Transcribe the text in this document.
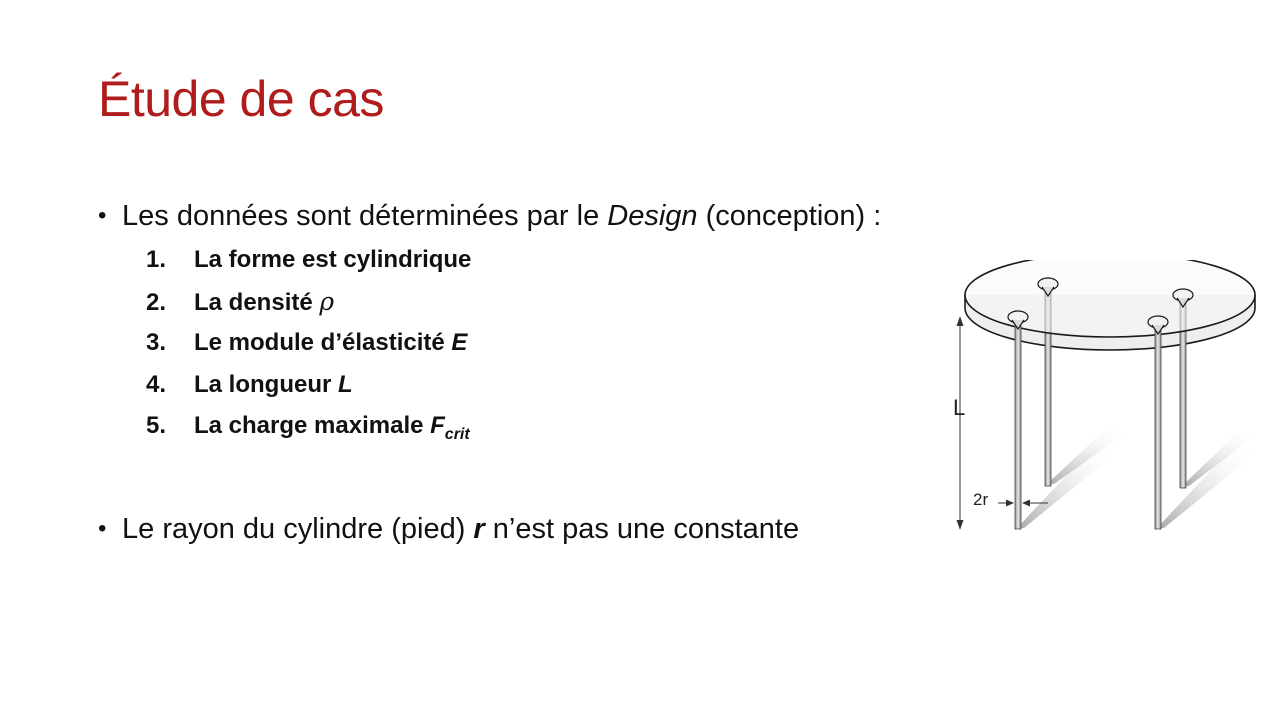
Étude de cas
• Les données sont déterminées par le Design (conception) :
1. La forme est cylindrique
2. La densité ρ
3. Le module d’élasticité E
4. La longueur L
5. La charge maximale $F_{crit}$
• Le rayon du cylindre (pied) r n’est pas une constante
L
2r
